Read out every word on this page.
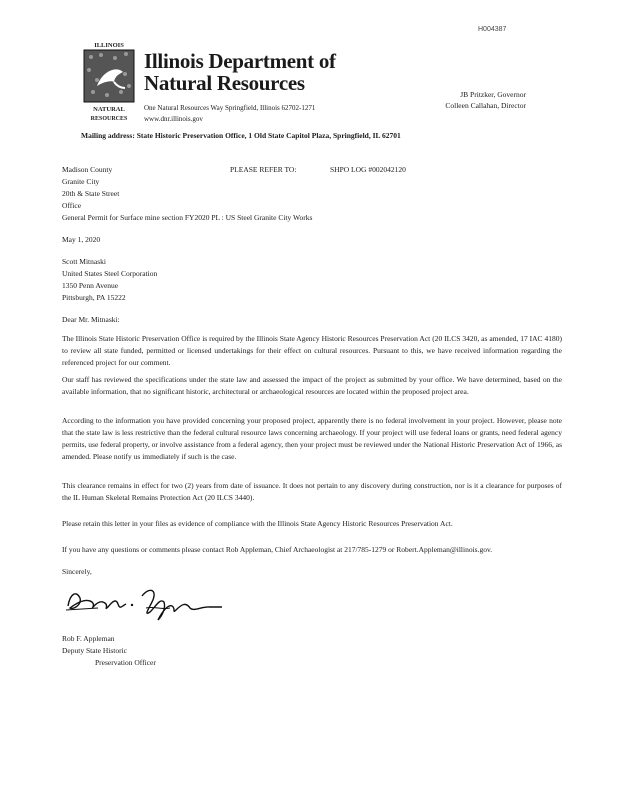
H004387
ILLINOIS
NATURAL
RESOURCES
Illinois Department of
Natural Resources
One Natural Resources Way Springfield, Illinois 62702-1271
www.dnr.illinois.gov
JB Pritzker, Governor
Colleen Callahan, Director
Mailing address: State Historic Preservation Office, 1 Old State Capitol Plaza, Springfield, IL 62701
Madison County	PLEASE REFER TO:	SHPO LOG #002042120
Granite City
20th & State Street
Office
General Permit for Surface mine section FY2020 PL : US Steel Granite City Works
May 1, 2020
Scott Mitnaski
United States Steel Corporation
1350 Penn Avenue
Pittsburgh, PA 15222
Dear Mr. Mitnaski:
The Illinois State Historic Preservation Office is required by the Illinois State Agency Historic Resources Preservation Act (20 ILCS 3420, as amended, 17 IAC 4180) to review all state funded, permitted or licensed undertakings for their effect on cultural resources. Pursuant to this, we have received information regarding the referenced project for our comment.
Our staff has reviewed the specifications under the state law and assessed the impact of the project as submitted by your office. We have determined, based on the available information, that no significant historic, architectural or archaeological resources are located within the proposed project area.
According to the information you have provided concerning your proposed project, apparently there is no federal involvement in your project. However, please note that the state law is less restrictive than the federal cultural resource laws concerning archaeology. If your project will use federal loans or grants, need federal agency permits, use federal property, or involve assistance from a federal agency, then your project must be reviewed under the National Historic Preservation Act of 1966, as amended. Please notify us immediately if such is the case.
This clearance remains in effect for two (2) years from date of issuance. It does not pertain to any discovery during construction, nor is it a clearance for purposes of the IL Human Skeletal Remains Protection Act (20 ILCS 3440).
Please retain this letter in your files as evidence of compliance with the Illinois State Agency Historic Resources Preservation Act.
If you have any questions or comments please contact Rob Appleman, Chief Archaeologist at 217/785-1279 or Robert.Appleman@illinois.gov.
Sincerely,
Rob F. Appleman
Deputy State Historic
Preservation Officer
